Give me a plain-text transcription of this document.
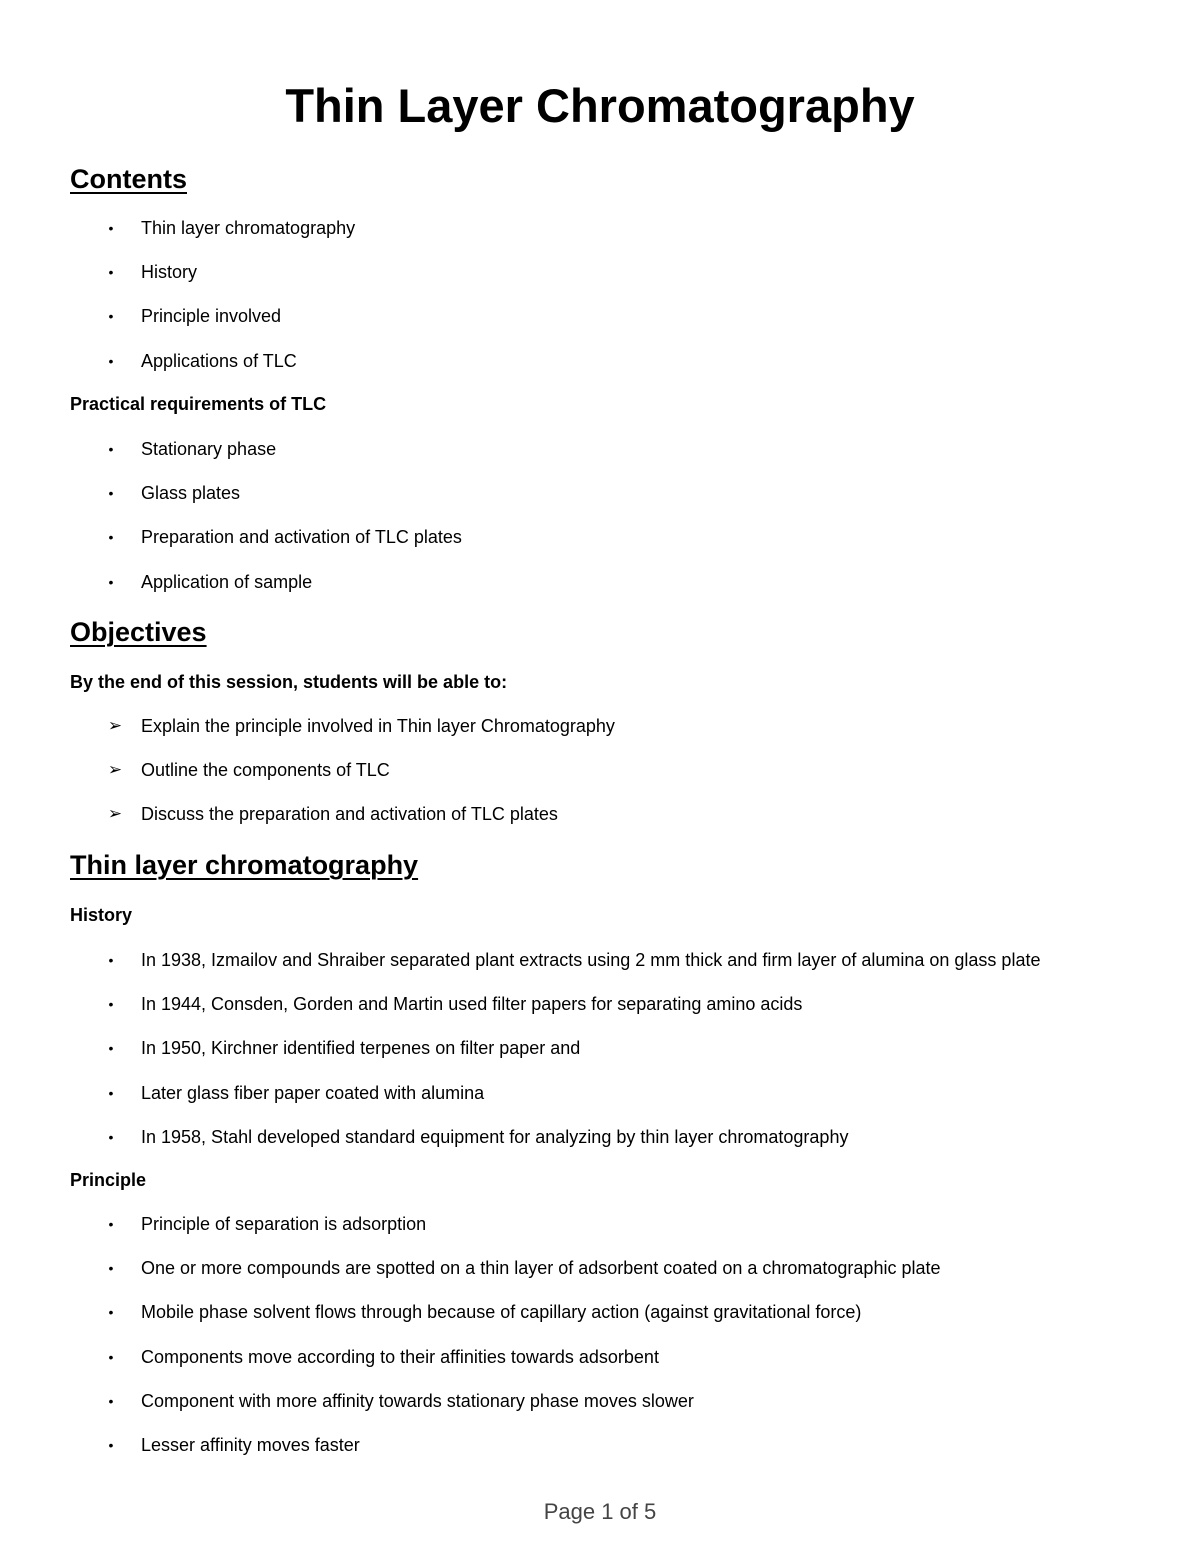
Thin Layer Chromatography
Contents
•	Thin layer chromatography
•	History
•	Principle involved
•	Applications of TLC

Practical requirements of TLC

•	Stationary phase
•	Glass plates
•	Preparation and activation of TLC plates
•	Application of sample
Objectives

By the end of this session, students will be able to:

➢ Explain the principle involved in Thin layer Chromatography
➢ Outline the components of TLC
➢ Discuss the preparation and activation of TLC plates
Thin layer chromatography

History

•	In 1938, Izmailov and Shraiber separated plant extracts using 2 mm thick and firm layer of alumina on glass plate
•	In 1944, Consden, Gorden and Martin used filter papers for separating amino acids
•	In 1950, Kirchner identified terpenes on filter paper and
•	Later glass fiber paper coated with alumina
•	In 1958, Stahl developed standard equipment for analyzing by thin layer chromatography

Principle

•	Principle of separation is adsorption
•	One or more compounds are spotted on a thin layer of adsorbent coated on a chromatographic plate
•	Mobile phase solvent flows through because of capillary action (against gravitational force)
•	Components move according to their affinities towards adsorbent
•	Component with more affinity towards stationary phase moves slower
•	Lesser affinity moves faster
Page 1 of 5
